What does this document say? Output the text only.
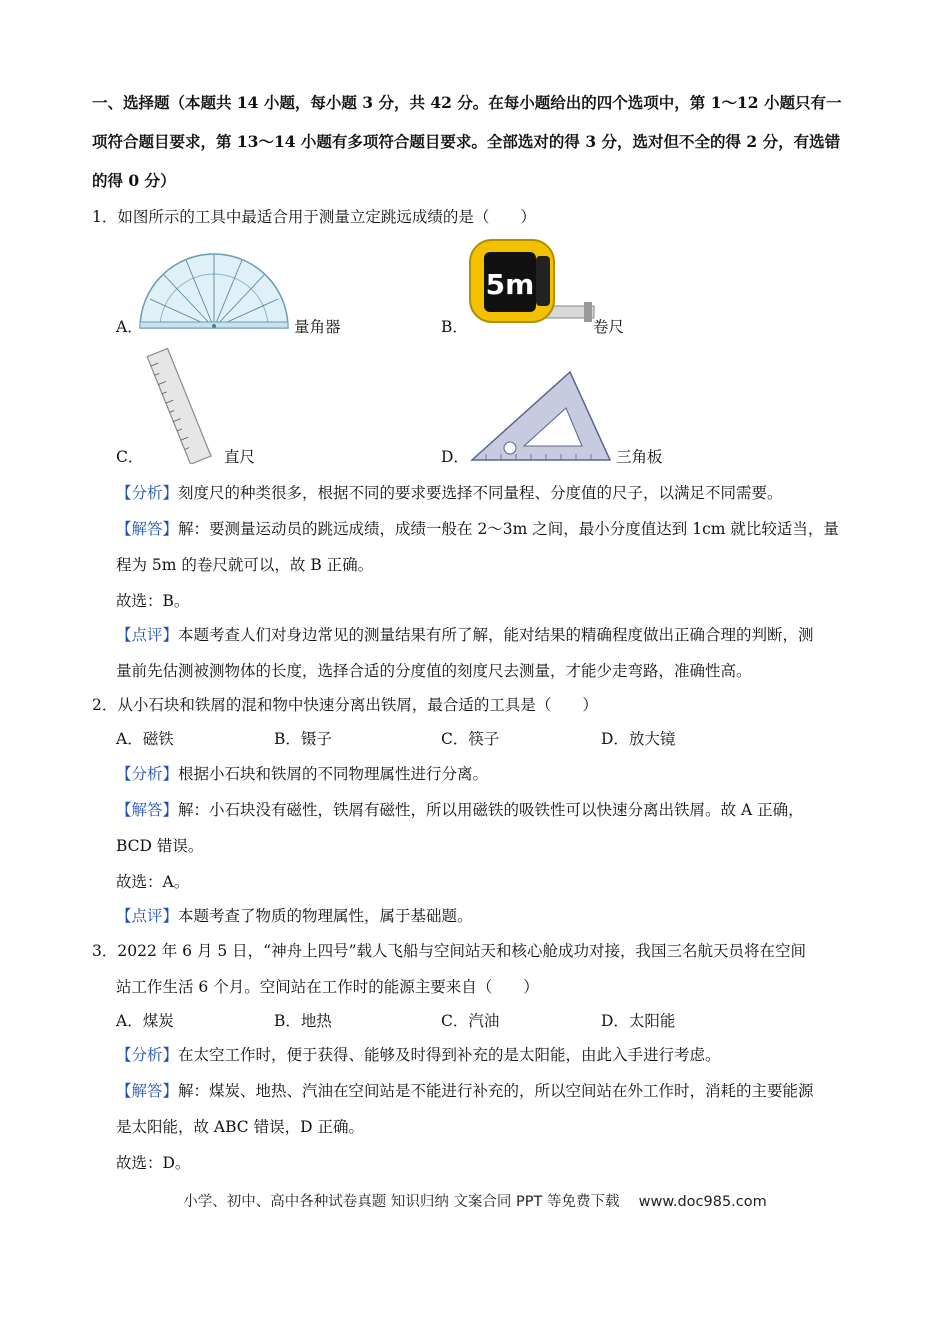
一、选择题（本题共 14 小题，每小题 3 分，共 42 分。在每小题给出的四个选项中，第 1～12 小题只有一
项符合题目要求，第 13～14 小题有多项符合题目要求。全部选对的得 3 分，选对但不全的得 2 分，有选错
的得 0 分）
1．如图所示的工具中最适合用于测量立定跳远成绩的是（　　）
A．	量角器
5m
B．	卷尺
C．	直尺	D．	三角板
【分析】刻度尺的种类很多，根据不同的要求要选择不同量程、分度值的尺子，以满足不同需要。
【解答】解：要测量运动员的跳远成绩，成绩一般在 2～3m 之间，最小分度值达到 1cm 就比较适当，量
程为 5m 的卷尺就可以，故 B 正确。
故选：B。
【点评】本题考查人们对身边常见的测量结果有所了解，能对结果的精确程度做出正确合理的判断，测
量前先估测被测物体的长度，选择合适的分度值的刻度尺去测量，才能少走弯路，准确性高。
2．从小石块和铁屑的混和物中快速分离出铁屑，最合适的工具是（　　）
A．磁铁	B．镊子	C．筷子	D．放大镜
【分析】根据小石块和铁屑的不同物理属性进行分离。
【解答】解：小石块没有磁性，铁屑有磁性，所以用磁铁的吸铁性可以快速分离出铁屑。故 A 正确，
BCD 错误。
故选：A。
【点评】本题考查了物质的物理属性，属于基础题。
3．2022 年 6 月 5 日，“神舟上四号”载人飞船与空间站天和核心舱成功对接，我国三名航天员将在空间
站工作生活 6 个月。空间站在工作时的能源主要来自（　　）
A．煤炭	B．地热	C．汽油	D．太阳能
【分析】在太空工作时，便于获得、能够及时得到补充的是太阳能，由此入手进行考虑。
【解答】解：煤炭、地热、汽油在空间站是不能进行补充的，所以空间站在外工作时，消耗的主要能源
是太阳能，故 ABC 错误，D 正确。
故选：D。
小学、初中、高中各种试卷真题 知识归纳 文案合同 PPT 等免费下载　 www.doc985.com
